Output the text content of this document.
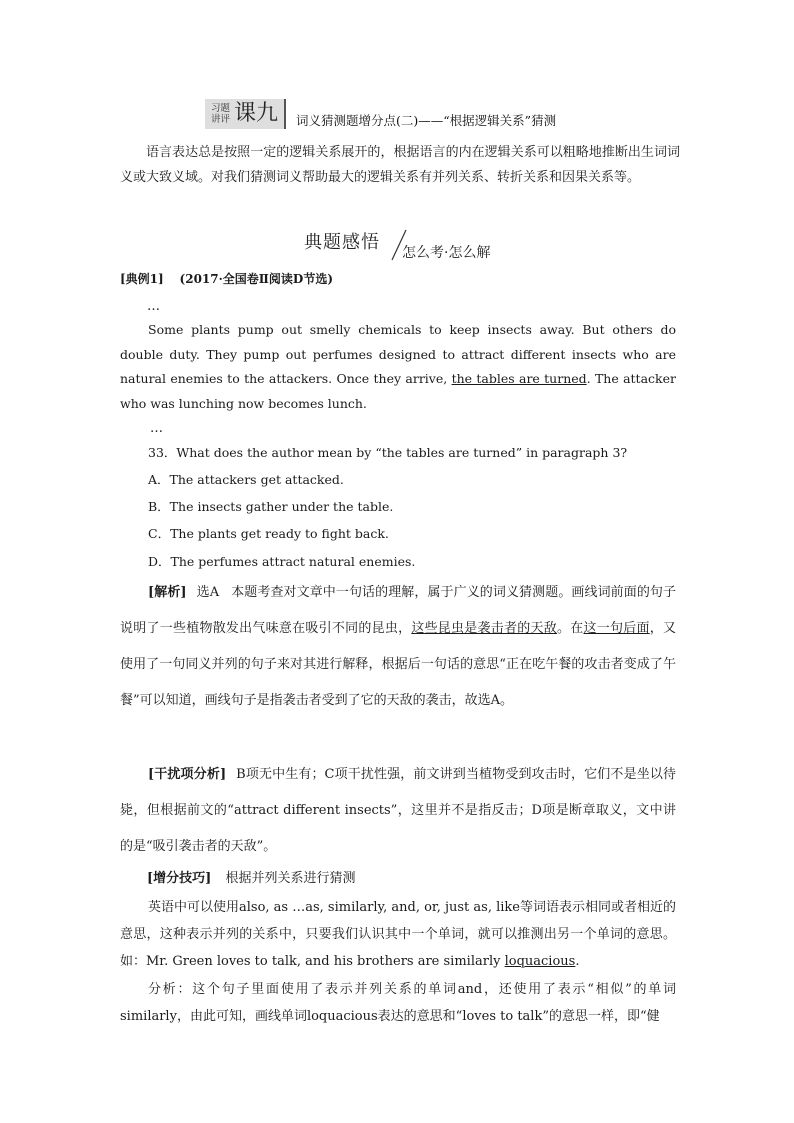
习题
讲评 课九 词义猜测题增分点(二)——“根据逻辑关系”猜测
语言表达总是按照一定的逻辑关系展开的，根据语言的内在逻辑关系可以粗略地推断出生词词义或大致义域。对我们猜测词义帮助最大的逻辑关系有并列关系、转折关系和因果关系等。
典题感悟 怎么考·怎么解
[典例1] (2017·全国卷Ⅱ阅读D节选)
…
Some plants pump out smelly chemicals to keep insects away. But others do double duty. They pump out perfumes designed to attract different insects who are natural enemies to the attackers. Once they arrive, the tables are turned. The attacker who was lunching now becomes lunch.
…
33．What does the author mean by “the tables are turned” in paragraph 3?
A．The attackers get attacked.
B．The insects gather under the table.
C．The plants get ready to fight back.
D．The perfumes attract natural enemies.
[解析] 选A 本题考查对文章中一句话的理解，属于广义的词义猜测题。画线词前面的句子说明了一些植物散发出气味意在吸引不同的昆虫，这些昆虫是袭击者的天敌。在这一句后面，又使用了一句同义并列的句子来对其进行解释，根据后一句话的意思“正在吃午餐的攻击者变成了午餐”可以知道，画线句子是指袭击者受到了它的天敌的袭击，故选A。
[干扰项分析] B项无中生有；C项干扰性强，前文讲到当植物受到攻击时，它们不是坐以待毙，但根据前文的“attract different insects”，这里并不是指反击；D项是断章取义，文中讲的是“吸引袭击者的天敌”。
[增分技巧] 根据并列关系进行猜测
英语中可以使用also, as …as, similarly, and, or, just as, like等词语表示相同或者相近的意思，这种表示并列的关系中，只要我们认识其中一个单词，就可以推测出另一个单词的意思。如：Mr. Green loves to talk, and his brothers are similarly loquacious.
分析：这个句子里面使用了表示并列关系的单词and，还使用了表示“相似”的单词similarly，由此可知，画线单词loquacious表达的意思和“loves to talk”的意思一样，即“健
